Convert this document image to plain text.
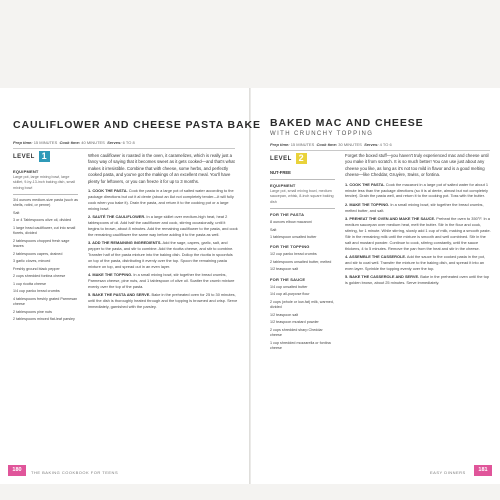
CAULIFLOWER AND CHEESE PASTA BAKE
Prep time: 15 MINUTES Cook time: 40 MINUTES Serves: 6 TO 8
LEVEL 1
EQUIPMENT
Large pot, large mixing bowl, large skillet, 9-by-13-inch baking dish, small mixing bowl
3/4 ounces medium-size pasta (such as shells, rotini, or penne)
Salt
3 or 4 Tablespoons olive oil, divided
1 large head cauliflower, cut into small florets, divided
2 tablespoons chopped fresh sage leaves
2 tablespoons capers, drained
3 garlic cloves, minced
Freshly ground black pepper
2 cups shredded fontina cheese
1 cup ricotta cheese
1/4 cup panko bread crumbs
4 tablespoons freshly grated Parmesan cheese
2 tablespoons pine nuts
2 tablespoons minced flat-leaf parsley
When cauliflower is roasted in the oven, it caramelizes, which is really just a fancy way of saying that it becomes sweet as it gets cooked—and that's what makes it irresistible. Combine that with cheese, some herbs, and perfectly cooked pasta, and you've got the makings of an excellent meal. You'll have plenty for leftovers, or you can freeze it for up to 3 months.
1. COOK THE PASTA. Cook the pasta in a large pot of salted water according to the package directions but cut it al dente (about an 8ut not completely tender—it will fully cook when you bake it). Drain the pasta, and return it to the cooking pot or a large mixing bowl.
2. SAUTÉ THE CAULIFLOWER. In a large skillet over medium-high heat, heat 2 tablespoons of oil. Add half the cauliflower and cook, stirring occasionally, until it begins to brown, about 8 minutes. Add the remaining cauliflower to the pasta, and cook the remaining cauliflower the same way before adding it to the pasta as well.
3. ADD THE REMAINING INGREDIENTS. Add the sage, capers, garlic, salt, and pepper to the pasta, and stir to combine. Add the ricotta cheese, and stir to combine. Transfer half of the pasta mixture into the baking dish. Dollop the ricotta in spoonfuls on top of the pasta, distributing it evenly over the top. Spoon the remaining pasta mixture on top, and spread out in an even layer.
4. MAKE THE TOPPING. In a small mixing bowl, stir together the bread crumbs, Parmesan cheese, pine nuts, and 1 tablespoon of olive oil. Scatter the crumb mixture evenly over the top of the pasta.
5. BAKE THE PASTA AND SERVE. Bake in the preheated oven for 25 to 30 minutes, until the dish is thoroughly heated through and the topping is browned and crisp. Serve immediately, garnished with the parsley.
180	THE BAKING COOKBOOK FOR TEENS
BAKED MAC AND CHEESE
WITH CRUNCHY TOPPING
Prep time: 15 MINUTES Cook time: 30 MINUTES Serves: 4 TO 6
LEVEL 2
NUT-FREE
EQUIPMENT
Large pot, small mixing bowl, medium saucepan, whisk, 8-inch square baking dish
FOR THE PASTA
8 ounces elbow macaroni
Salt
1 tablespoon unsalted butter
FOR THE TOPPING
1/2 cup panko bread crumbs
2 tablespoons unsalted butter, melted
1/2 teaspoon salt
FOR THE SAUCE
1/4 cup unsalted butter
1/4 cup all-purpose flour
2 cups (whole or low-fat) milk, warmed, divided
1/2 teaspoon salt
1/2 teaspoon mustard powder
2 cups shredded sharp Cheddar cheese
1 cup shredded mozzarella or fontina cheese
Forget the boxed stuff—you haven't truly experienced mac and cheese until you make it from scratch. It is so much better! You can use just about any cheese you like, as long as it's not too mild in flavor and is a good melting cheese—like Cheddar, Gruyère, Swiss, or fontina.
1. COOK THE PASTA. Cook the macaroni in a large pot of salted water for about 1 minute less than the package directions (so it is al dente, almost but not completely tender). Drain the pasta well, and return it to the cooking pot. Toss with the butter.
2. MAKE THE TOPPING. In a small mixing bowl, stir together the bread crumbs, melted butter, and salt.
3. PREHEAT THE OVEN AND MAKE THE SAUCE. Preheat the oven to 350°F. In a medium saucepan over medium heat, melt the butter. Stir in the flour and cook, stirring, for 1 minute. While stirring, slowly add 1 cup of milk, making a smooth paste. Stir in the remaining milk until the mixture is smooth and well combined. Stir in the salt and mustard powder. Continue to cook, stirring constantly, until the sauce thickens, 4 to 5 minutes. Remove the pan from the heat and stir in the cheese.
4. ASSEMBLE THE CASSEROLE. Add the sauce to the cooked pasta in the pot, and stir to coat well. Transfer the mixture to the baking dish, and spread it into an even layer. Sprinkle the topping evenly over the top.
5. BAKE THE CASSEROLE AND SERVE. Bake in the preheated oven until the top is golden brown, about 25 minutes. Serve immediately.
EASY DINNERS	181
